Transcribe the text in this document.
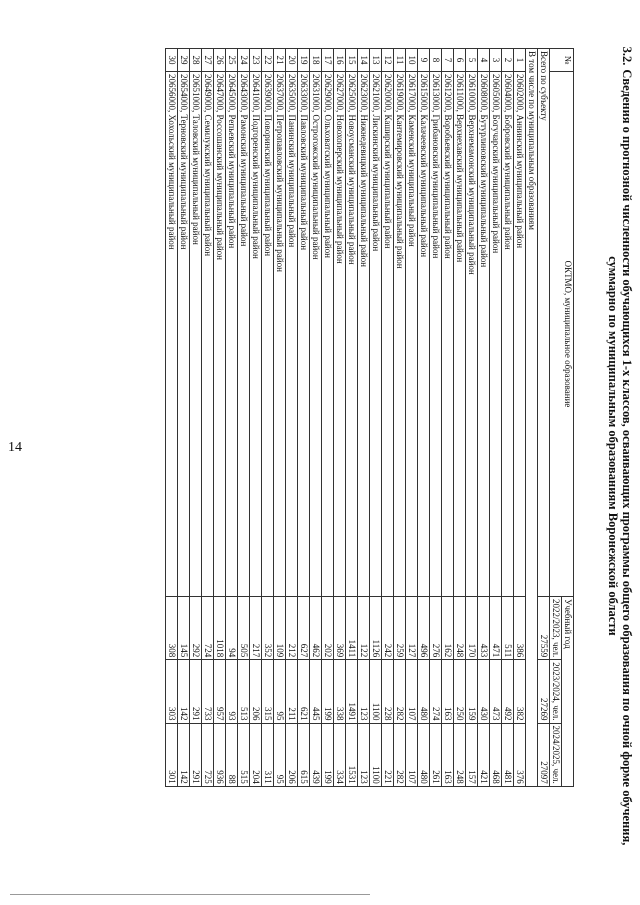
14
3.2.Сведения о прогнозной численности обучающихся 1-х классов, осваивающих программы общего образования по очной форме обучения,
суммарно по муниципальным образованиям Воронежской области
№	ОКТМО, муниципальное образование	Учебный год		
		2022/2023, чел.	2023/2024, чел.	2024/2025, чел.
Всего по субъекту		27559	27269	27097
В том числе по муниципальным образованиям				
1	20602000, Аннинский муниципальный район	386	382	376
2	20604000, Бобровский муниципальный район	511	492	481
3	20605000, Богучарский муниципальный район	471	473	468
4	20608000, Бутурлиновский муниципальный район	433	430	421
5	20610000, Верхнемамонский муниципальный район	170	159	157
6	20611000, Верхнехавский муниципальный район	248	250	248
7	20612000, Воробьевский муниципальный район	162	163	163
8	20613000, Грибановский муниципальный район	276	274	261
9	20615000, Калачеевский муниципальный район	496	480	480
10	20617000, Каменский муниципальный район	127	107	107
11	20619000, Кантемировский муниципальный район	259	282	282
12	20620000, Каширский муниципальный район	242	228	221
13	20621000, Лискинский муниципальный район	1126	1100	1100
14	20623000, Нижнедевицкий муниципальный район	122	123	123
15	20625000, Новоусманский муниципальный район	1411	1491	1531
16	20627000, Новохоперский муниципальный район	369	338	334
17	20629000, Ольховатский муниципальный район	202	199	199
18	20631000, Острогожский муниципальный район	462	445	439
19	20633000, Павловский муниципальный район	627	621	615
20	20635000, Панинский муниципальный район	212	211	206
21	20637000, Петропавловский муниципальный район	109	95	95
22	20639000, Поворинский муниципальный район	352	315	311
23	20641000, Подгоренский муниципальный район	217	206	204
24	20643000, Рамонский муниципальный район	505	513	515
25	20645000, Репьевский муниципальный район	94	93	88
26	20647000, Россошанский муниципальный район	1018	957	936
27	20649000, Семилукский муниципальный район	724	733	725
28	20651000, Таловский муниципальный район	292	291	291
29	20654000, Терновский муниципальный район	145	142	142
30	20656000, Хохольский муниципальный район	308	303	301
